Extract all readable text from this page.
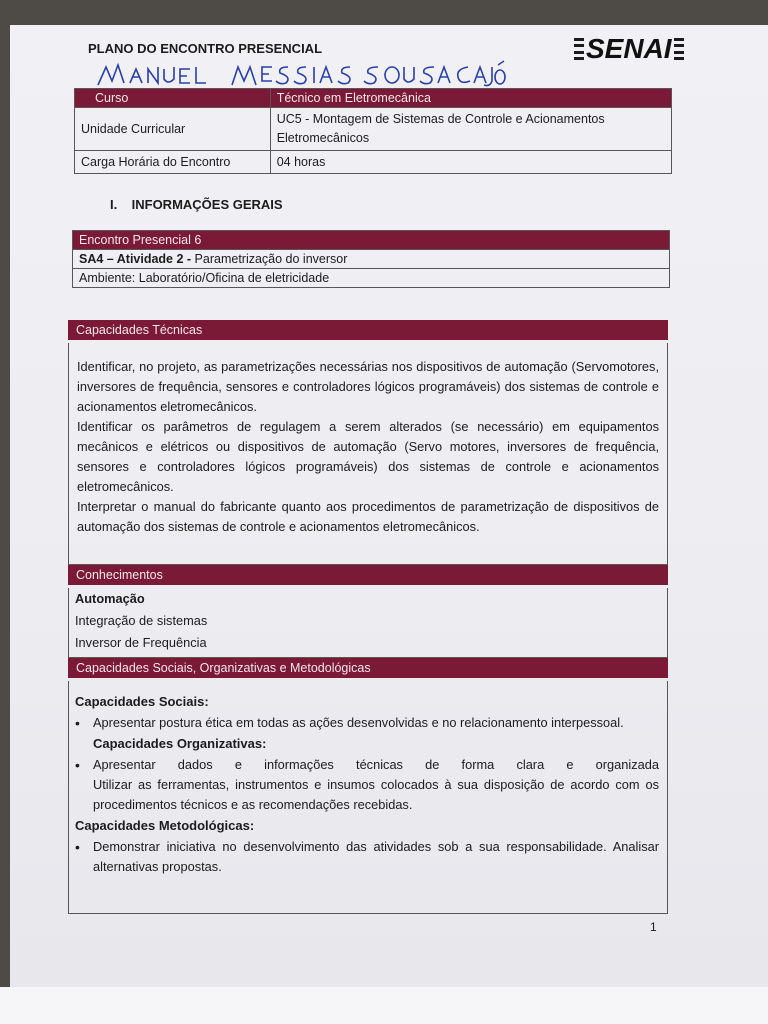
PLANO DO ENCONTRO PRESENCIAL	SENAI
Curso	Técnico em Eletromecânica
Unidade Curricular	UC5 - Montagem de Sistemas de Controle e Acionamentos
Eletromecânicos

Carga Horária do Encontro	04 horas
I. INFORMAÇÕES GERAIS
Encontro Presencial 6
SA4 – Atividade 2 - Parametrização do inversor
Ambiente: Laboratório/Oficina de eletricidade
Capacidades Técnicas

Identificar, no projeto, as parametrizações necessárias nos dispositivos de automação (Servomotores, inversores de frequência, sensores e controladores lógicos programáveis) dos sistemas de controle e acionamentos eletromecânicos.

Identificar os parâmetros de regulagem a serem alterados (se necessário) em equipamentos mecânicos e elétricos ou dispositivos de automação (Servo motores, inversores de frequência, sensores e controladores lógicos programáveis) dos sistemas de controle e acionamentos eletromecânicos.

Interpretar o manual do fabricante quanto aos procedimentos de parametrização de dispositivos de automação dos sistemas de controle e acionamentos eletromecânicos.

Conhecimentos
Automação
Integração de sistemas
Inversor de Frequência
Capacidades Sociais, Organizativas e Metodológicas
Capacidades Sociais:
•	Apresentar postura ética em todas as ações desenvolvidas e no relacionamento interpessoal.
Capacidades Organizativas:
•	Apresentar dados e informações técnicas de forma clara e organizada
Utilizar as ferramentas, instrumentos e insumos colocados à sua disposição de acordo com os procedimentos técnicos e as recomendações recebidas.
Capacidades Metodológicas:
•	Demonstrar iniciativa no desenvolvimento das atividades sob a sua responsabilidade. Analisar alternativas propostas.
1
